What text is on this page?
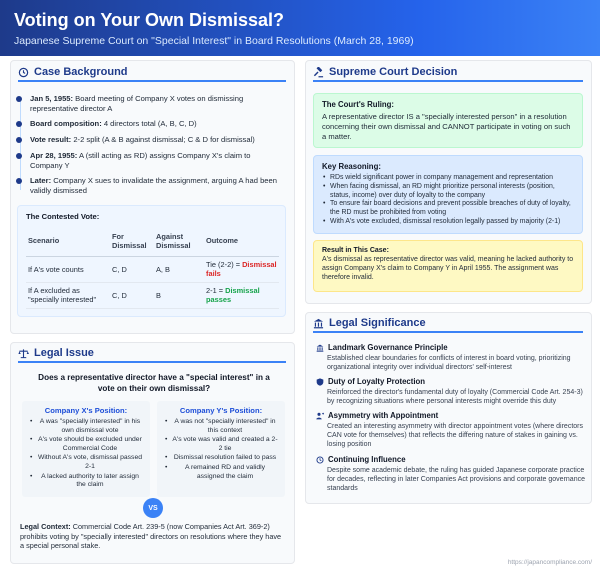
Voting on Your Own Dismissal?

Japanese Supreme Court on "Special Interest" in Board Resolutions (March 28, 1969)

Case Background
Jan 5, 1955: Board meeting of Company X votes on dismissing representative director A
Board composition: 4 directors total (A, B, C, D)
Vote result: 2-2 split (A & B against dismissal; C & D for dismissal)
Apr 28, 1955: A (still acting as RD) assigns Company X's claim to Company Y
Later: Company X sues to invalidate the assignment, arguing A had been validly dismissed
The Contested Vote:
Scenario	For Dismissal	Against Dismissal	Outcome
If A's vote counts	C, D	A, B	Tie (2-2) = Dismissal fails
If A excluded as "specially interested"	C, D	B	2-1 = Dismissal passes
Legal Issue
Does a representative director have a "special interest" in a vote on their own dismissal?
Company X's Position:
• A was "specially interested" in his own dismissal vote
• A's vote should be excluded under Commercial Code
• Without A's vote, dismissal passed 2-1
• A lacked authority to later assign the claim
Company Y's Position:
• A was not "specially interested" in this context
• A's vote was valid and created a 2-2 tie
• Dismissal resolution failed to pass
• A remained RD and validly assigned the claim
VS
Legal Context: Commercial Code Art. 239-5 (now Companies Act Art. 369-2) prohibits voting by "specially interested" directors on resolutions where they have a special personal stake.
Supreme Court Decision
The Court's Ruling:

A representative director IS a "specially interested person" in a resolution concerning their own dismissal and CANNOT participate in voting on such a matter.

Key Reasoning:
• RDs wield significant power in company management and representation
• When facing dismissal, an RD might prioritize personal interests (position, status, income) over duty of loyalty to the company
• To ensure fair board decisions and prevent possible breaches of duty of loyalty, the RD must be prohibited from voting
• With A's vote excluded, dismissal resolution legally passed by majority (2-1)
Result in This Case:

A's dismissal as representative director was valid, meaning he lacked authority to assign Company X's claim to Company Y in April 1955. The assignment was therefore invalid.

Legal Significance
Landmark Governance Principle
Established clear boundaries for conflicts of interest in board voting, prioritizing organizational integrity over individual directors' self-interest
Duty of Loyalty Protection
Reinforced the director's fundamental duty of loyalty (Commercial Code Art. 254-3) by recognizing situations where personal interests might override this duty
Asymmetry with Appointment
Created an interesting asymmetry with director appointment votes (where directors CAN vote for themselves) that reflects the differing nature of stakes in gaining vs. losing position
Continuing Influence
Despite some academic debate, the ruling has guided Japanese corporate practice for decades, reflecting in later Companies Act provisions and corporate governance standards
https://japancompliance.com/
